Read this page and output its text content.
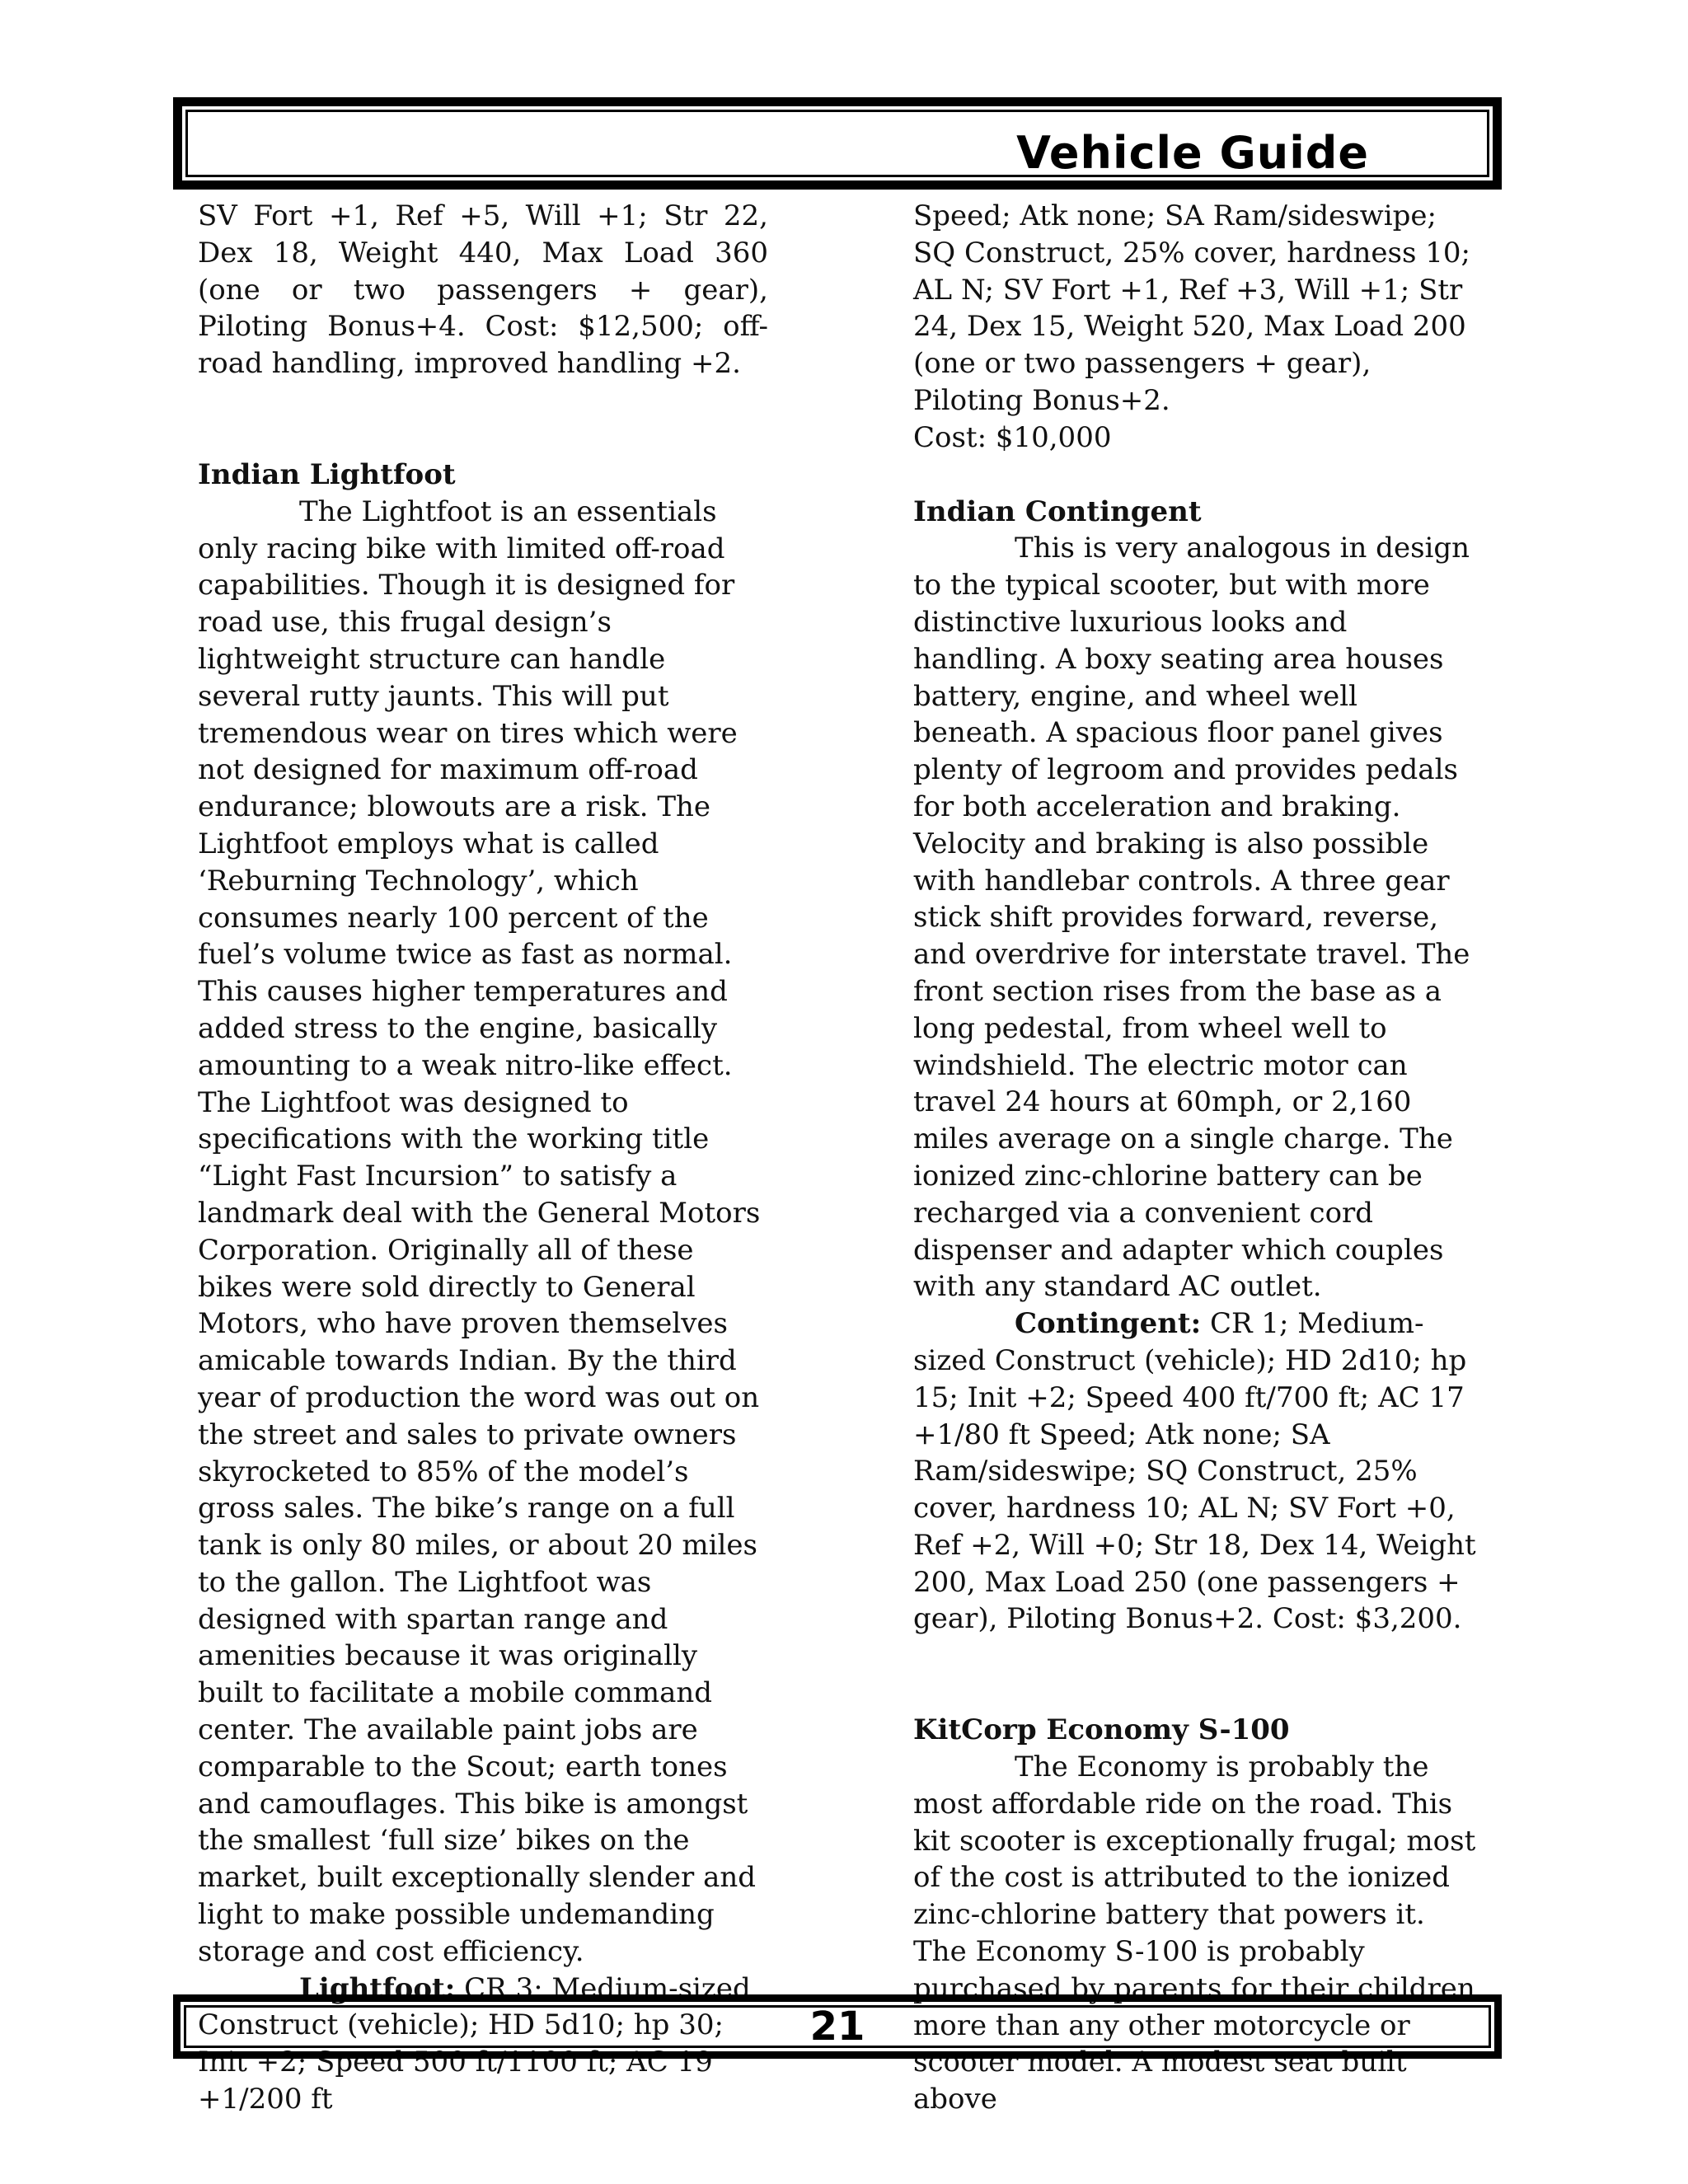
Vehicle Guide

SV Fort +1, Ref +5, Will +1; Str 22, Dex 18, Weight 440, Max Load 360 (one or two passengers + gear), Piloting Bonus+4. Cost: $12,500; off-road handling, improved handling +2.

Indian Lightfoot

The Lightfoot is an essentials only racing bike with limited off-road capabilities. Though it is designed for road use, this frugal design’s lightweight structure can handle several rutty jaunts. This will put tremendous wear on tires which were not designed for maximum off-road endurance; blowouts are a risk. The Lightfoot employs what is called ‘Reburning Technology’, which consumes nearly 100 percent of the fuel’s volume twice as fast as normal. This causes higher temperatures and added stress to the engine, basically amounting to a weak nitro-like effect. The Lightfoot was designed to specifications with the working title “Light Fast Incursion” to satisfy a landmark deal with the General Motors Corporation. Originally all of these bikes were sold directly to General Motors, who have proven themselves amicable towards Indian. By the third year of production the word was out on the street and sales to private owners skyrocketed to 85% of the model’s gross sales. The bike’s range on a full tank is only 80 miles, or about 20 miles to the gallon. The Lightfoot was designed with spartan range and amenities because it was originally built to facilitate a mobile command center. The available paint jobs are comparable to the Scout; earth tones and camouflages. This bike is amongst the smallest ‘full size’ bikes on the market, built exceptionally slender and light to make possible undemanding storage and cost efficiency.

Lightfoot: CR 3; Medium-sized Construct (vehicle); HD 5d10; hp 30; Init +2; Speed 500 ft/1100 ft; AC 19 +1/200 ft

Speed; Atk none; SA Ram/sideswipe; SQ Construct, 25% cover, hardness 10; AL N; SV Fort +1, Ref +3, Will +1; Str 24, Dex 15, Weight 520, Max Load 200 (one or two passengers + gear), Piloting Bonus+2.

Cost: $10,000

Indian Contingent

This is very analogous in design to the typical scooter, but with more distinctive luxurious looks and handling. A boxy seating area houses battery, engine, and wheel well beneath. A spacious floor panel gives plenty of legroom and provides pedals for both acceleration and braking. Velocity and braking is also possible with handlebar controls. A three gear stick shift provides forward, reverse, and overdrive for interstate travel. The front section rises from the base as a long pedestal, from wheel well to windshield. The electric motor can travel 24 hours at 60mph, or 2,160 miles average on a single charge. The ionized zinc-chlorine battery can be recharged via a convenient cord dispenser and adapter which couples with any standard AC outlet.

Contingent: CR 1; Medium-sized Construct (vehicle); HD 2d10; hp 15; Init +2; Speed 400 ft/700 ft; AC 17 +1/80 ft Speed; Atk none; SA Ram/sideswipe; SQ Construct, 25% cover, hardness 10; AL N; SV Fort +0, Ref +2, Will +0; Str 18, Dex 14, Weight 200, Max Load 250 (one passengers + gear), Piloting Bonus+2. Cost: $3,200.

KitCorp Economy S-100

The Economy is probably the most affordable ride on the road. This kit scooter is exceptionally frugal; most of the cost is attributed to the ionized zinc-chlorine battery that powers it. The Economy S-100 is probably purchased by parents for their children more than any other motorcycle or scooter model. A modest seat built above

21
